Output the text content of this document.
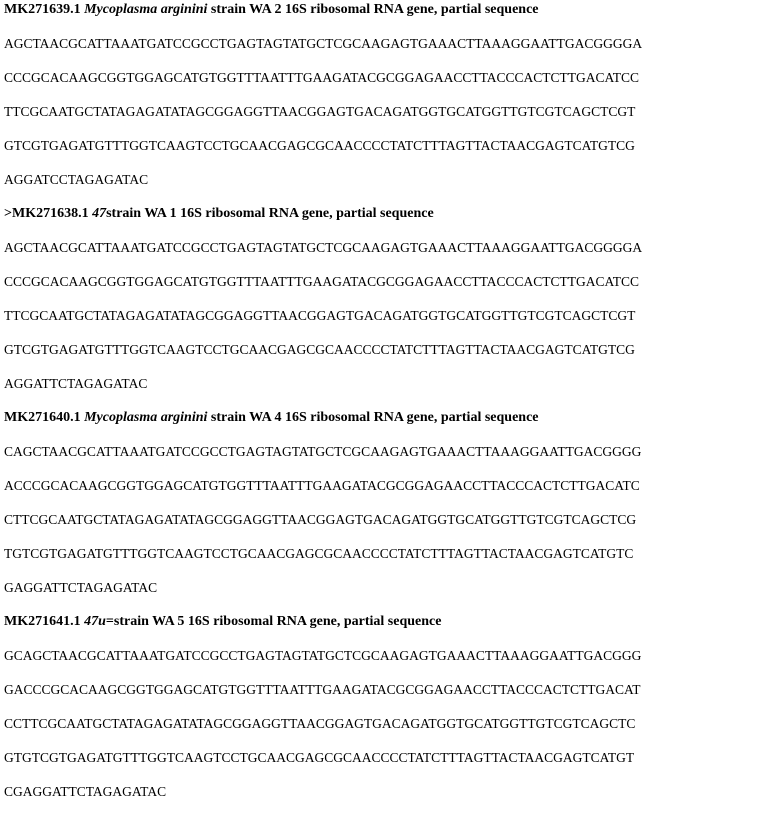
MK271639.1 Mycoplasma arginini strain WA 2 16S ribosomal RNA gene, partial sequence
AGCTAACGCATTAAATGATCCGCCTGAGTAGTATGCTCGCAAGAGTGAAACTTAAAGGAATTGACGGGGA
CCCGCACAAGCGGTGGAGCATGTGGTTTAATTTGAAGATACGCGGAGAACCTTACCCACTCTTGACATCC
TTCGCAATGCTATAGAGATATAGCGGAGGTTAACGGAGTGACAGATGGTGCATGGTTGTCGTCAGCTCGT
GTCGTGAGATGTTTGGTCAAGTCCTGCAACGAGCGCAACCCCTATCTTTAGTTACTAACGAGTCATGTCG
AGGATCCTAGAGATAC
>MK271638.1 47strain WA 1 16S ribosomal RNA gene, partial sequence
AGCTAACGCATTAAATGATCCGCCTGAGTAGTATGCTCGCAAGAGTGAAACTTAAAGGAATTGACGGGGA
CCCGCACAAGCGGTGGAGCATGTGGTTTAATTTGAAGATACGCGGAGAACCTTACCCACTCTTGACATCC
TTCGCAATGCTATAGAGATATAGCGGAGGTTAACGGAGTGACAGATGGTGCATGGTTGTCGTCAGCTCGT
GTCGTGAGATGTTTGGTCAAGTCCTGCAACGAGCGCAACCCCTATCTTTAGTTACTAACGAGTCATGTCG
AGGATTCTAGAGATAC
MK271640.1 Mycoplasma arginini strain WA 4 16S ribosomal RNA gene, partial sequence
CAGCTAACGCATTAAATGATCCGCCTGAGTAGTATGCTCGCAAGAGTGAAACTTAAAGGAATTGACGGGG
ACCCGCACAAGCGGTGGAGCATGTGGTTTAATTTGAAGATACGCGGAGAACCTTACCCACTCTTGACATC
CTTCGCAATGCTATAGAGATATAGCGGAGGTTAACGGAGTGACAGATGGTGCATGGTTGTCGTCAGCTCG
TGTCGTGAGATGTTTGGTCAAGTCCTGCAACGAGCGCAACCCCTATCTTTAGTTACTAACGAGTCATGTC
GAGGATTCTAGAGATAC
MK271641.1 47u=strain WA 5 16S ribosomal RNA gene, partial sequence
GCAGCTAACGCATTAAATGATCCGCCTGAGTAGTATGCTCGCAAGAGTGAAACTTAAAGGAATTGACGGG
GACCCGCACAAGCGGTGGAGCATGTGGTTTAATTTGAAGATACGCGGAGAACCTTACCCACTCTTGACAT
CCTTCGCAATGCTATAGAGATATAGCGGAGGTTAACGGAGTGACAGATGGTGCATGGTTGTCGTCAGCTC
GTGTCGTGAGATGTTTGGTCAAGTCCTGCAACGAGCGCAACCCCTATCTTTAGTTACTAACGAGTCATGT
CGAGGATTCTAGAGATAC
